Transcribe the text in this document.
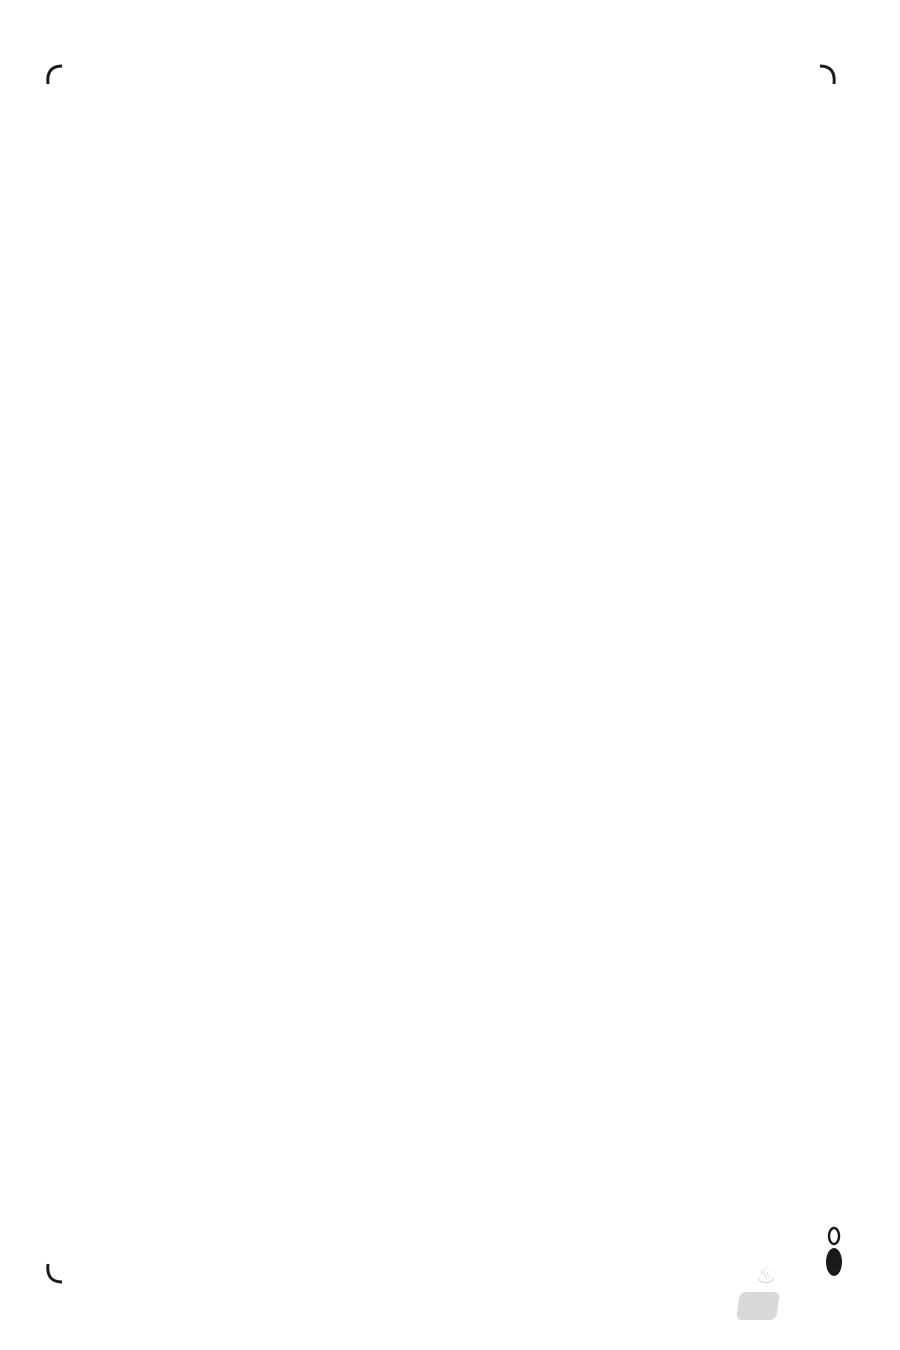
♨
